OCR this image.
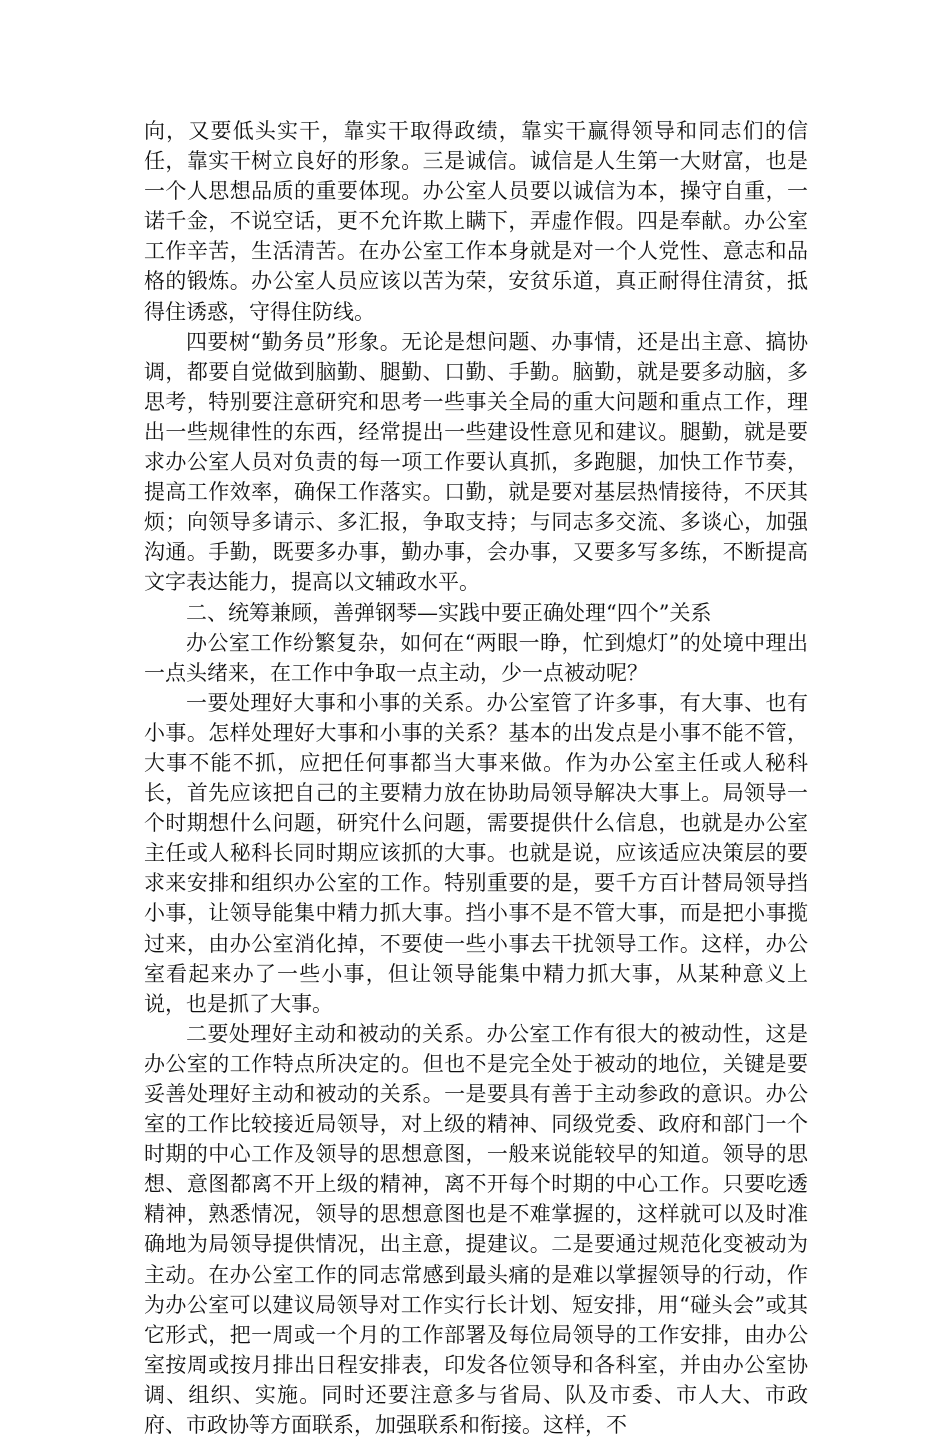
向，又要低头实干，靠实干取得政绩，靠实干赢得领导和同志们的信任，靠实干树立良好的形象。三是诚信。诚信是人生第一大财富，也是一个人思想品质的重要体现。办公室人员要以诚信为本，操守自重，一诺千金，不说空话，更不允许欺上瞒下，弄虚作假。四是奉献。办公室工作辛苦，生活清苦。在办公室工作本身就是对一个人党性、意志和品格的锻炼。办公室人员应该以苦为荣，安贫乐道，真正耐得住清贫，抵得住诱惑，守得住防线。

四要树“勤务员”形象。无论是想问题、办事情，还是出主意、搞协调，都要自觉做到脑勤、腿勤、口勤、手勤。脑勤，就是要多动脑，多思考，特别要注意研究和思考一些事关全局的重大问题和重点工作，理出一些规律性的东西，经常提出一些建设性意见和建议。腿勤，就是要求办公室人员对负责的每一项工作要认真抓，多跑腿，加快工作节奏，提高工作效率，确保工作落实。口勤，就是要对基层热情接待，不厌其烦；向领导多请示、多汇报，争取支持；与同志多交流、多谈心，加强沟通。手勤，既要多办事，勤办事，会办事，又要多写多练，不断提高文字表达能力，提高以文辅政水平。

二、统筹兼顾，善弹钢琴—实践中要正确处理“四个”关系

办公室工作纷繁复杂，如何在“两眼一睁，忙到熄灯”的处境中理出一点头绪来，在工作中争取一点主动，少一点被动呢？

一要处理好大事和小事的关系。办公室管了许多事，有大事、也有小事。怎样处理好大事和小事的关系？基本的出发点是小事不能不管，大事不能不抓，应把任何事都当大事来做。作为办公室主任或人秘科长，首先应该把自己的主要精力放在协助局领导解决大事上。局领导一个时期想什么问题，研究什么问题，需要提供什么信息，也就是办公室主任或人秘科长同时期应该抓的大事。也就是说，应该适应决策层的要求来安排和组织办公室的工作。特别重要的是，要千方百计替局领导挡小事，让领导能集中精力抓大事。挡小事不是不管大事，而是把小事揽过来，由办公室消化掉，不要使一些小事去干扰领导工作。这样，办公室看起来办了一些小事，但让领导能集中精力抓大事，从某种意义上说，也是抓了大事。

二要处理好主动和被动的关系。办公室工作有很大的被动性，这是办公室的工作特点所决定的。但也不是完全处于被动的地位，关键是要妥善处理好主动和被动的关系。一是要具有善于主动参政的意识。办公室的工作比较接近局领导，对上级的精神、同级党委、政府和部门一个时期的中心工作及领导的思想意图，一般来说能较早的知道。领导的思想、意图都离不开上级的精神，离不开每个时期的中心工作。只要吃透精神，熟悉情况，领导的思想意图也是不难掌握的，这样就可以及时准确地为局领导提供情况，出主意，提建议。二是要通过规范化变被动为主动。在办公室工作的同志常感到最头痛的是难以掌握领导的行动，作为办公室可以建议局领导对工作实行长计划、短安排，用“碰头会”或其它形式，把一周或一个月的工作部署及每位局领导的工作安排，由办公室按周或按月排出日程安排表，印发各位领导和各科室，并由办公室协调、组织、实施。同时还要注意多与省局、队及市委、市人大、市政府、市政协等方面联系，加强联系和衔接。这样，不
